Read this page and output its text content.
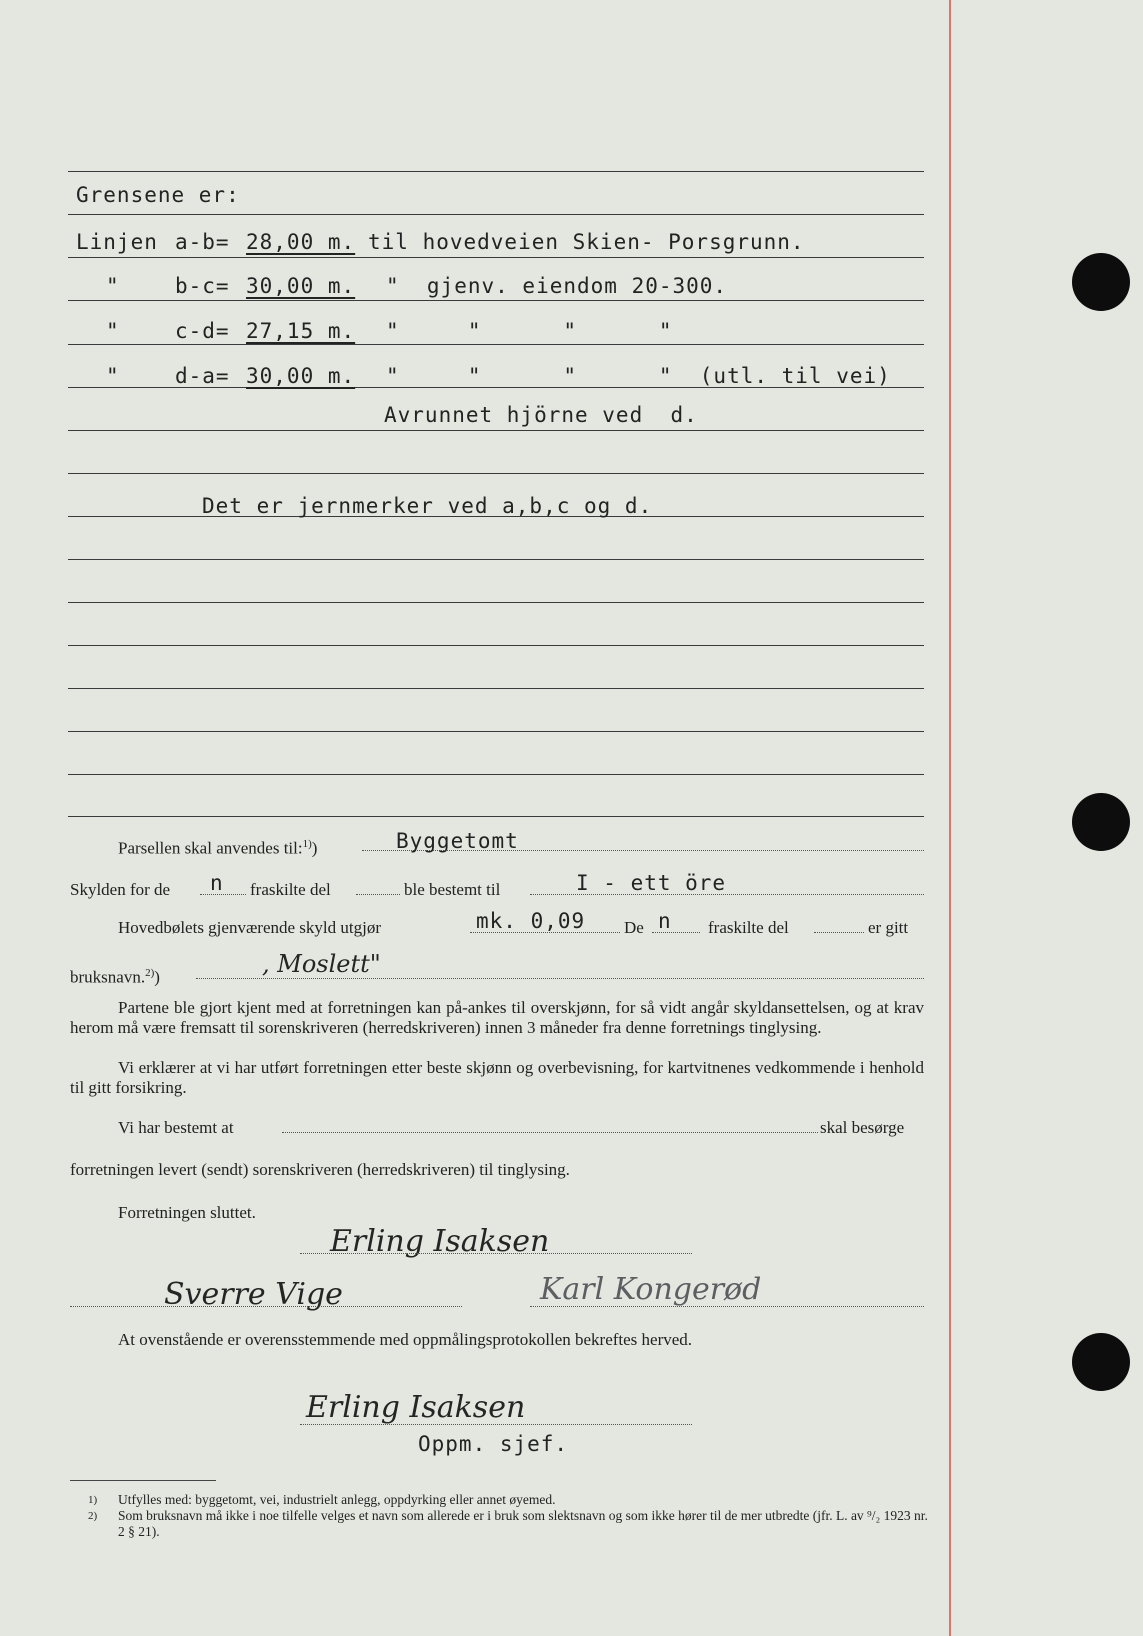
Grensene er:
Linjen a-b= 28,00 m. til hovedveien Skien- Porsgrunn.
"	b-c= 30,00 m. "  gjenv. eiendom 20-300.
"	c-d= 27,15 m. "     "      "      "
"	d-a= 30,00 m. "     "      "      "  (utl. til vei)
Avrunnet hjörne ved  d.
Det er jernmerker ved a,b,c og d.
Parsellen skal anvendes til:$^{1)}$)	Byggetomt
Skylden for de n fraskilte del	ble bestemt til	I - ett öre
Hovedbølets gjenværende skyld utgjør	mk. 0,09 De n fraskilte del	er gitt
bruksnavn.$^{2)}$)	, Moslett"
Partene ble gjort kjent med at forretningen kan på-ankes til overskjønn, for så vidt angår skyldansettelsen, og at krav herom må være fremsatt til sorenskriveren (herredskriveren) innen 3 måneder fra denne forretnings tinglysing.
Vi erklærer at vi har utført forretningen etter beste skjønn og overbevisning, for kartvitnenes vedkommende i henhold til gitt forsikring.
Vi har bestemt at	skal besørge
forretningen levert (sendt) sorenskriveren (herredskriveren) til tinglysing.
Forretningen sluttet.
Erling Isaksen
Sverre Vige	Karl Kongerød
At ovenstående er overensstemmende med oppmålingsprotokollen bekreftes herved.
Erling Isaksen
Oppm. sjef.
1) Utfylles med: byggetomt, vei, industrielt anlegg, oppdyrking eller annet øyemed.
2) Som bruksnavn må ikke i noe tilfelle velges et navn som allerede er i bruk som slektsnavn og som ikke hører til de mer utbredte (jfr. L. av ⁹/₂ 1923 nr. 2 § 21).
